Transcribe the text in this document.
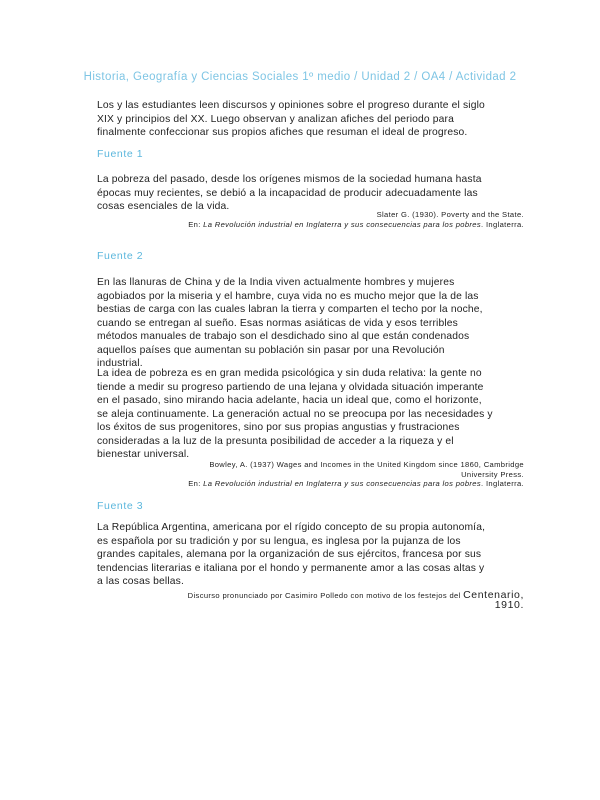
Historia, Geografía y Ciencias Sociales 1º medio / Unidad 2 / OA4 / Actividad 2

Los y las estudiantes leen discursos y opiniones sobre el progreso durante el siglo
XIX y principios del XX. Luego observan y analizan afiches del periodo para
finalmente confeccionar sus propios afiches que resuman el ideal de progreso.

Fuente 1

La pobreza del pasado, desde los orígenes mismos de la sociedad humana hasta
épocas muy recientes, se debió a la incapacidad de producir adecuadamente las
cosas esenciales de la vida.

Slater G. (1930). Poverty and the State.
En: La Revolución industrial en Inglaterra y sus consecuencias para los pobres. Inglaterra.
Fuente 2

En las llanuras de China y de la India viven actualmente hombres y mujeres
agobiados por la miseria y el hambre, cuya vida no es mucho mejor que la de las
bestias de carga con las cuales labran la tierra y comparten el techo por la noche,
cuando se entregan al sueño. Esas normas asiáticas de vida y esos terribles
métodos manuales de trabajo son el desdichado sino al que están condenados
aquellos países que aumentan su población sin pasar por una Revolución
industrial.

La idea de pobreza es en gran medida psicológica y sin duda relativa: la gente no
tiende a medir su progreso partiendo de una lejana y olvidada situación imperante
en el pasado, sino mirando hacia adelante, hacia un ideal que, como el horizonte,
se aleja continuamente. La generación actual no se preocupa por las necesidades y
los éxitos de sus progenitores, sino por sus propias angustias y frustraciones
consideradas a la luz de la presunta posibilidad de acceder a la riqueza y el
bienestar universal.

Bowley, A. (1937) Wages and Incomes in the United Kingdom since 1860, Cambridge
University Press.
En: La Revolución industrial en Inglaterra y sus consecuencias para los pobres. Inglaterra.
Fuente 3

La República Argentina, americana por el rígido concepto de su propia autonomía,
es española por su tradición y por su lengua, es inglesa por la pujanza de los
grandes capitales, alemana por la organización de sus ejércitos, francesa por sus
tendencias literarias e italiana por el hondo y permanente amor a las cosas altas y
a las cosas bellas.

Discurso pronunciado por Casimiro Polledo con motivo de los festejos del Centenario,
1910.
